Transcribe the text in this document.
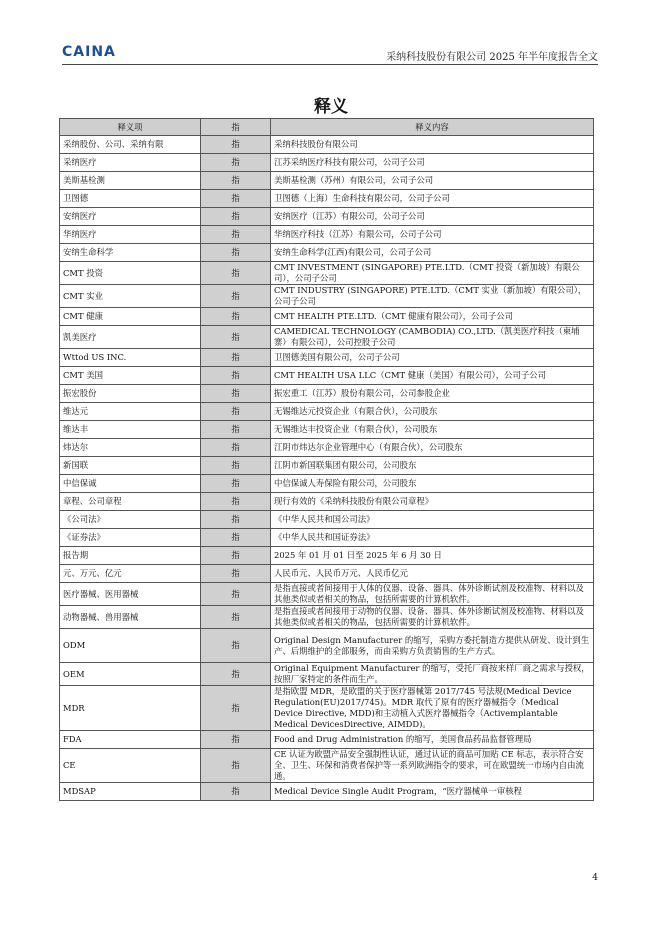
CAINA	采纳科技股份有限公司 2025 年半年度报告全文
释义
释义项	指	释义内容
采纳股份、公司、采纳有限	指	采纳科技股份有限公司
采纳医疗	指	江苏采纳医疗科技有限公司，公司子公司
美斯基检测	指	美斯基检测（苏州）有限公司，公司子公司
卫图德	指	卫图德（上海）生命科技有限公司，公司子公司
安纳医疗	指	安纳医疗（江苏）有限公司，公司子公司
华纳医疗	指	华纳医疗科技（江苏）有限公司，公司子公司
安纳生命科学	指	安纳生命科学(江西)有限公司，公司子公司
CMT 投资	指	CMT INVESTMENT (SINGAPORE) PTE.LTD.（CMT 投资（新加坡）有限公司），公司子公司
CMT 实业	指	CMT INDUSTRY (SINGAPORE) PTE.LTD.（CMT 实业（新加坡）有限公司），公司子公司
CMT 健康	指	CMT HEALTH PTE.LTD.（CMT 健康有限公司），公司子公司
凯美医疗	指	CAMEDICAL TECHNOLOGY (CAMBODIA) CO.,LTD.（凯美医疗科技（柬埔寨）有限公司），公司控股子公司
Wttod US INC.	指	卫图德美国有限公司，公司子公司
CMT 美国	指	CMT HEALTH USA LLC（CMT 健康（美国）有限公司），公司子公司
振宏股份	指	振宏重工（江苏）股份有限公司，公司参股企业
维达元	指	无锡维达元投资企业（有限合伙），公司股东
维达丰	指	无锡维达丰投资企业（有限合伙），公司股东
炜达尔	指	江阴市炜达尔企业管理中心（有限合伙），公司股东
新国联	指	江阴市新国联集团有限公司，公司股东
中信保诚	指	中信保诚人寿保险有限公司，公司股东
章程、公司章程	指	现行有效的《采纳科技股份有限公司章程》
《公司法》	指	《中华人民共和国公司法》
《证券法》	指	《中华人民共和国证券法》
报告期	指	2025 年 01 月 01 日至 2025 年 6 月 30 日
元、万元、亿元	指	人民币元、人民币万元、人民币亿元
医疗器械、医用器械	指	是指直接或者间接用于人体的仪器、设备、器具、体外诊断试剂及校准物、材料以及其他类似或者相关的物品，包括所需要的计算机软件。
动物器械、兽用器械	指	是指直接或者间接用于动物的仪器、设备、器具、体外诊断试剂及校准物、材料以及其他类似或者相关的物品，包括所需要的计算机软件。
ODM	指	Original Design Manufacturer 的缩写，采购方委托制造方提供从研发、设计到生产、后期维护的全部服务，而由采购方负责销售的生产方式。
OEM	指	Original Equipment Manufacturer 的缩写，受托厂商按来样厂商之需求与授权，按照厂家特定的条件而生产。
MDR	指	是指欧盟 MDR，是欧盟的关于医疗器械第 2017/745 号法规(Medical Device Regulation(EU)2017/745)。MDR 取代了原有的医疗器械指令（Medical Device Directive, MDD)和主动植入式医疗器械指令（Activemplantable Medical DevicesDirective, AIMDD)。
FDA	指	Food and Drug Administration 的缩写，美国食品药品监督管理局
CE	指	CE 认证为欧盟产品安全强制性认证，通过认证的商品可加贴 CE 标志，表示符合安全、卫生、环保和消费者保护等一系列欧洲指令的要求，可在欧盟统一市场内自由流通。
MDSAP	指	Medical Device Single Audit Program，“医疗器械单一审核程
4
